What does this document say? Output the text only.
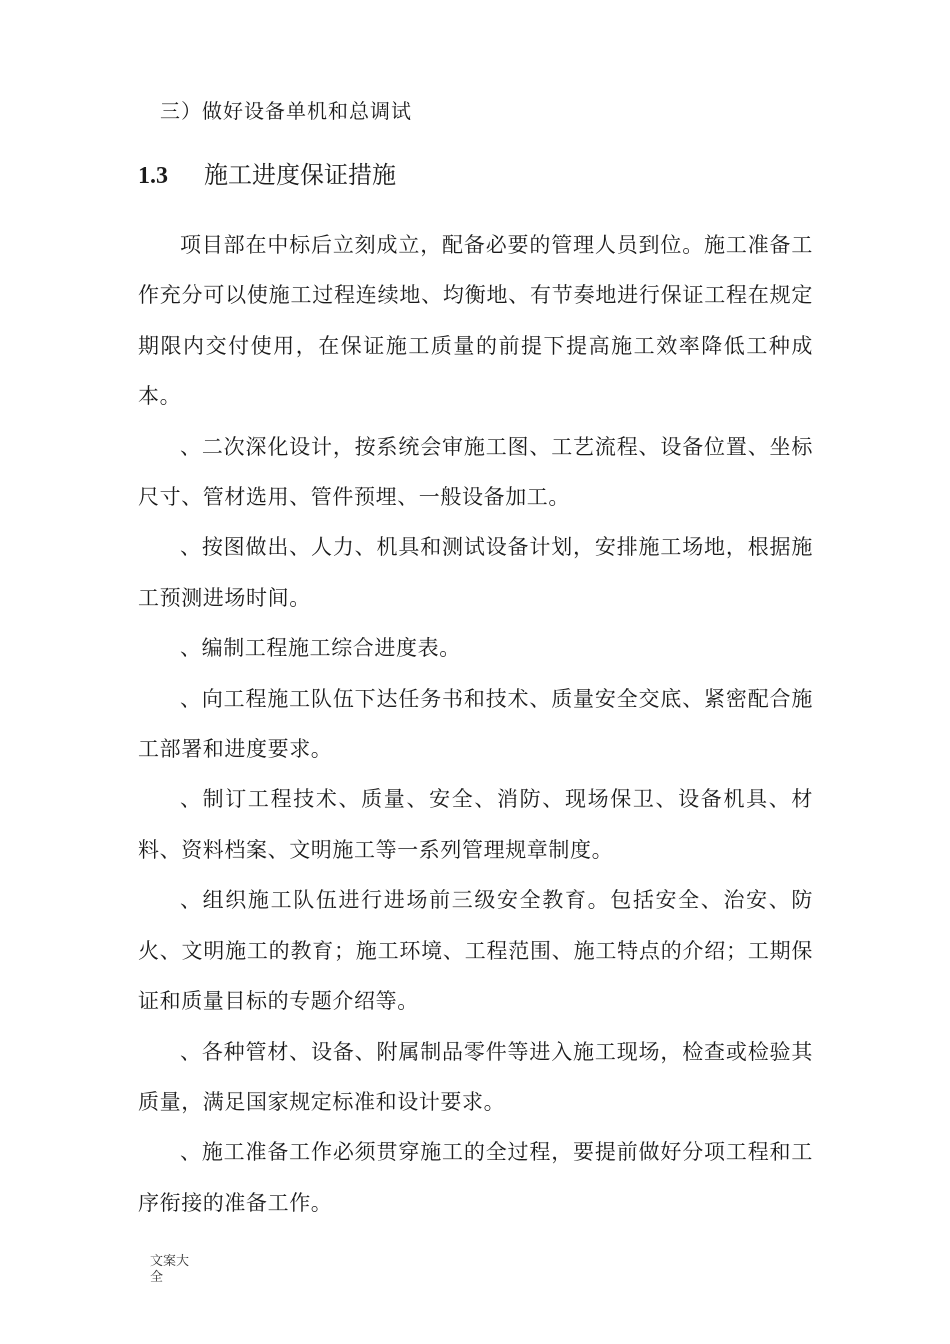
三）做好设备单机和总调试
1.3 施工进度保证措施

项目部在中标后立刻成立，配备必要的管理人员到位。施工准备工作充分可以使施工过程连续地、均衡地、有节奏地进行保证工程在规定期限内交付使用，在保证施工质量的前提下提高施工效率降低工种成本。

、二次深化设计，按系统会审施工图、工艺流程、设备位置、坐标尺寸、管材选用、管件预埋、一般设备加工。

、按图做出、人力、机具和测试设备计划，安排施工场地，根据施工预测进场时间。

、编制工程施工综合进度表。

、向工程施工队伍下达任务书和技术、质量安全交底、紧密配合施工部署和进度要求。

、制订工程技术、质量、安全、消防、现场保卫、设备机具、材料、资料档案、文明施工等一系列管理规章制度。

、组织施工队伍进行进场前三级安全教育。包括安全、治安、防火、文明施工的教育；施工环境、工程范围、施工特点的介绍；工期保证和质量目标的专题介绍等。

、各种管材、设备、附属制品零件等进入施工现场，检查或检验其质量，满足国家规定标准和设计要求。

、施工准备工作必须贯穿施工的全过程，要提前做好分项工程和工序衔接的准备工作。

文案大全
